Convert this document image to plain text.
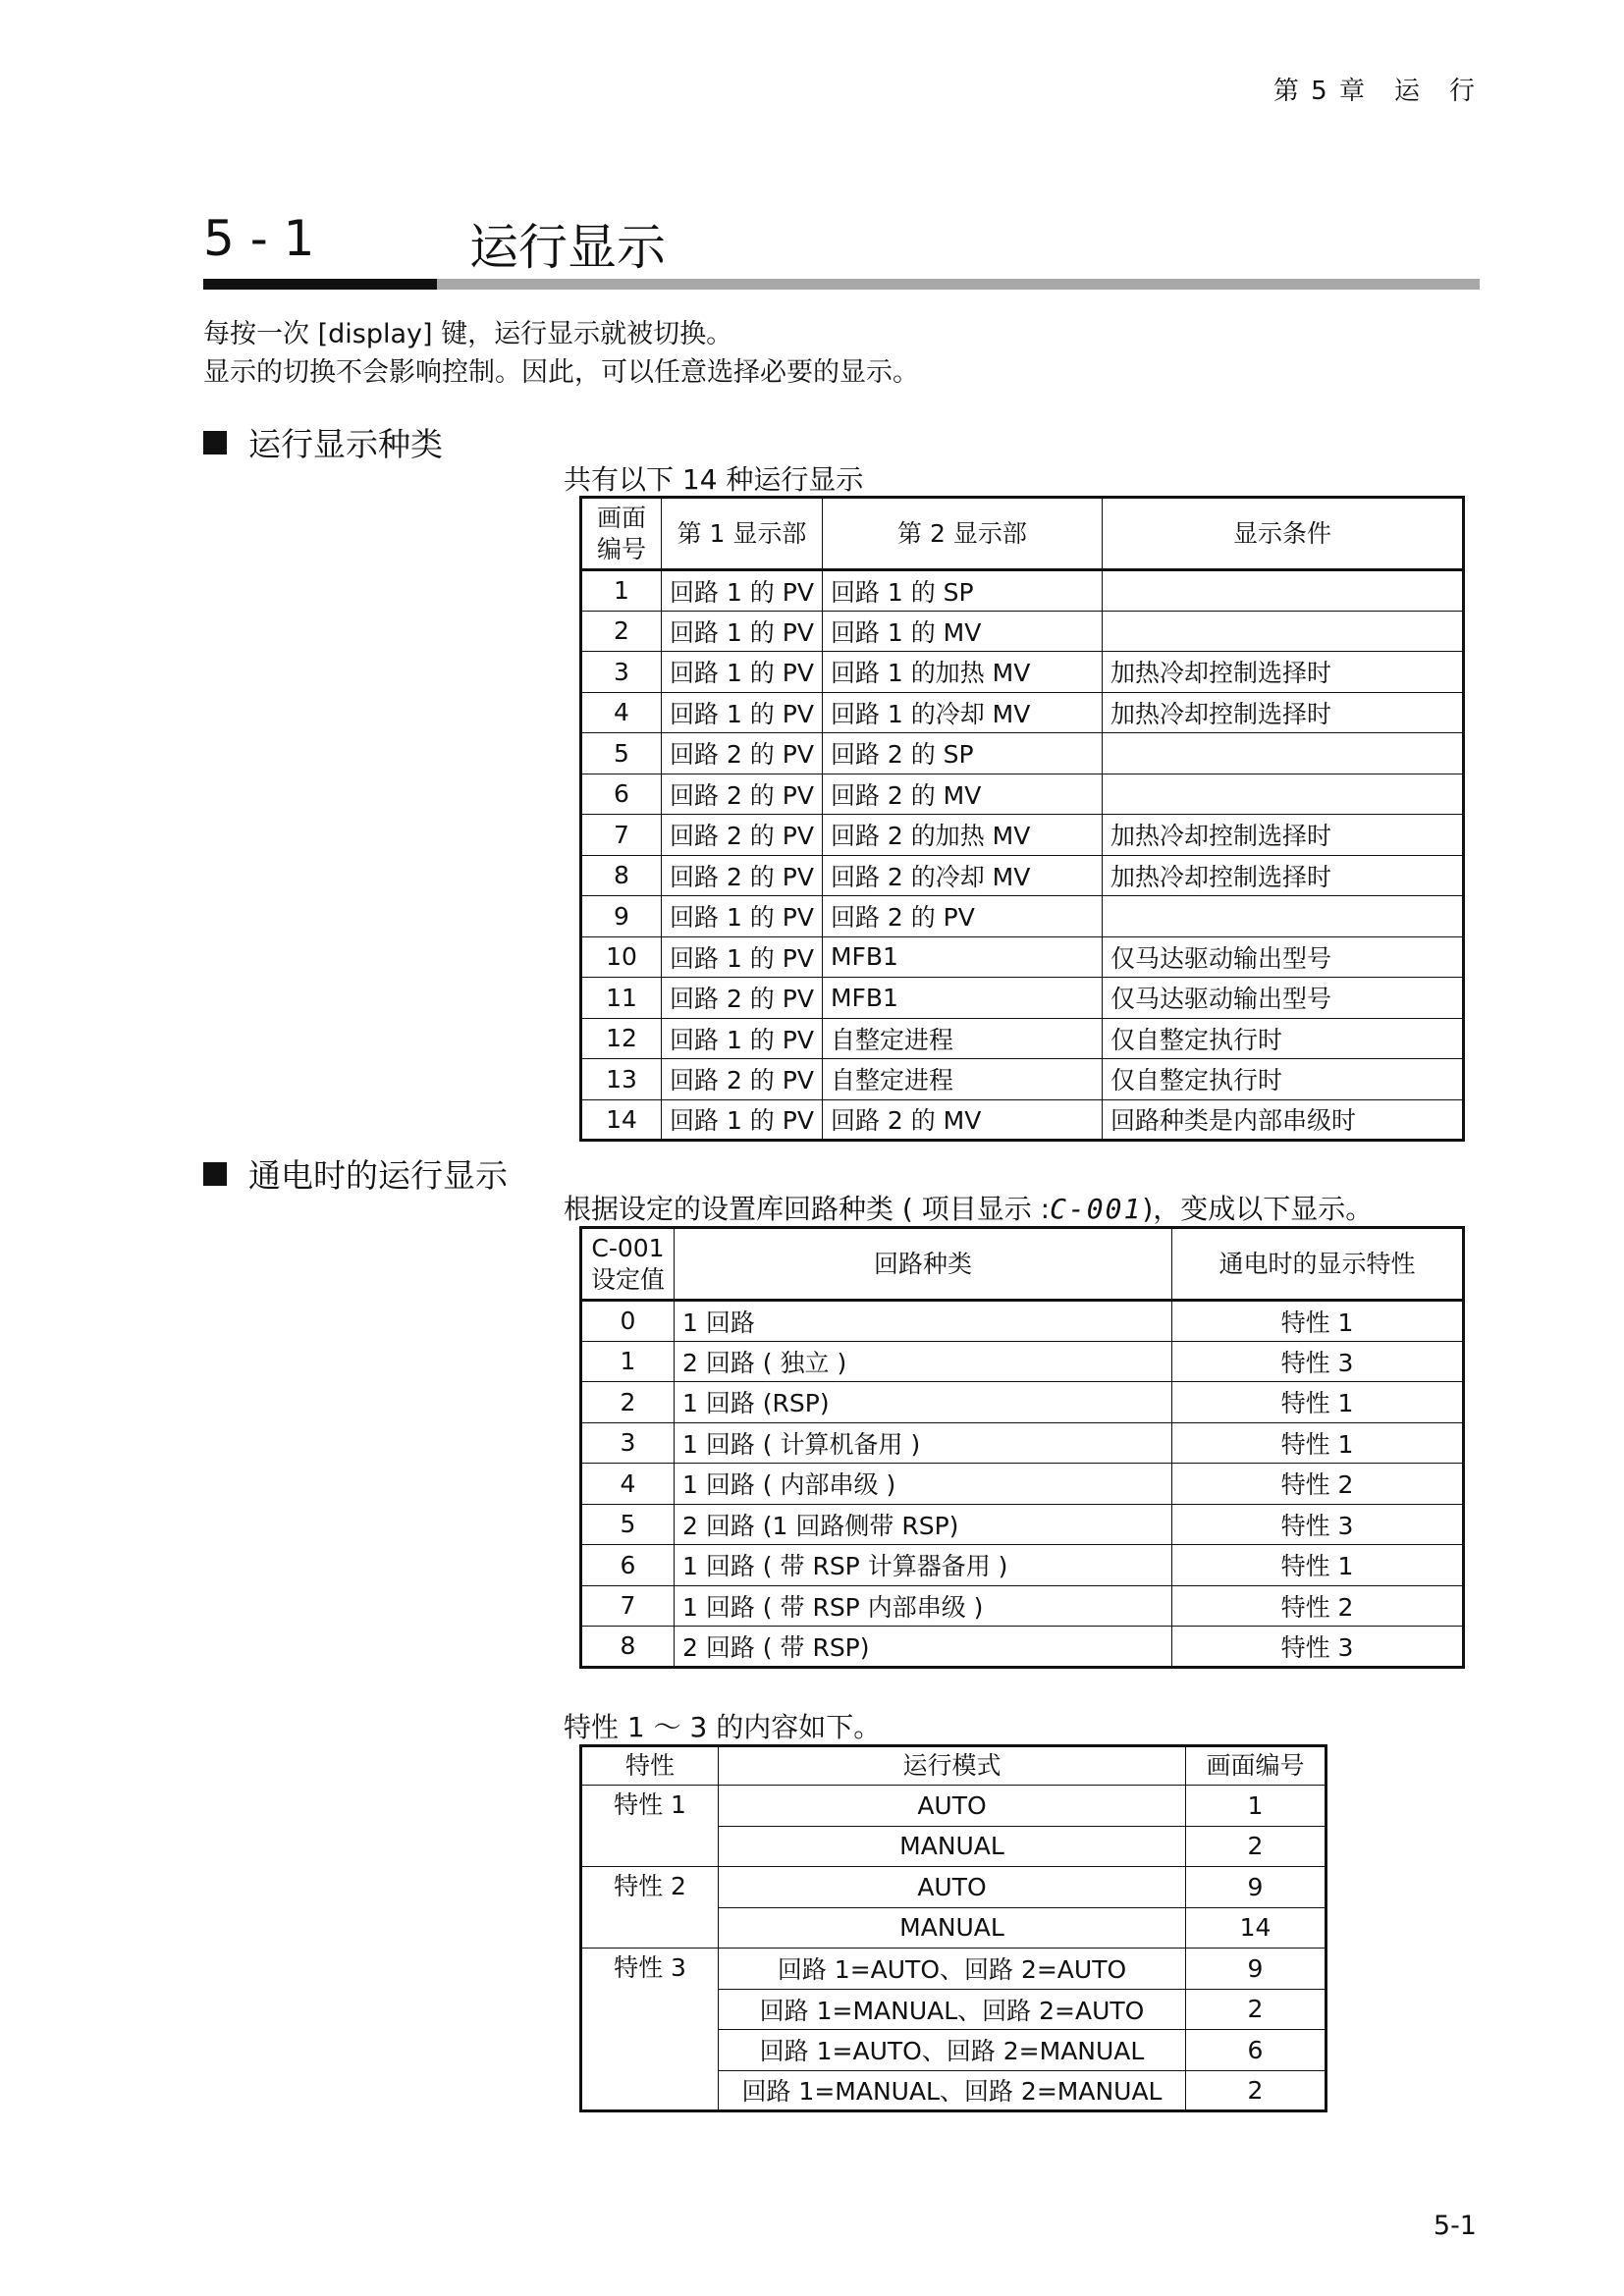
第 5 章　运　行
5 - 1	运行显示
每按一次 [display] 键，运行显示就被切换。
显示的切换不会影响控制。因此，可以任意选择必要的显示。
运行显示种类
共有以下 14 种运行显示
画面
编号	第 1 显示部	第 2 显示部	显示条件
1	回路 1 的 PV	回路 1 的 SP	
2	回路 1 的 PV	回路 1 的 MV	
3	回路 1 的 PV	回路 1 的加热 MV	加热冷却控制选择时
4	回路 1 的 PV	回路 1 的冷却 MV	加热冷却控制选择时
5	回路 2 的 PV	回路 2 的 SP	
6	回路 2 的 PV	回路 2 的 MV	
7	回路 2 的 PV	回路 2 的加热 MV	加热冷却控制选择时
8	回路 2 的 PV	回路 2 的冷却 MV	加热冷却控制选择时
9	回路 1 的 PV	回路 2 的 PV	
10	回路 1 的 PV	MFB1	仅马达驱动输出型号
11	回路 2 的 PV	MFB1	仅马达驱动输出型号
12	回路 1 的 PV	自整定进程	仅自整定执行时
13	回路 2 的 PV	自整定进程	仅自整定执行时
14	回路 1 的 PV	回路 2 的 MV	回路种类是内部串级时
通电时的运行显示
根据设定的设置库回路种类 ( 项目显示 :C-001)，变成以下显示。
C-001
设定值	回路种类	通电时的显示特性
0	1 回路	特性 1
1	2 回路 ( 独立 )	特性 3
2	1 回路 (RSP)	特性 1
3	1 回路 ( 计算机备用 )	特性 1
4	1 回路 ( 内部串级 )	特性 2
5	2 回路 (1 回路侧带 RSP)	特性 3
6	1 回路 ( 带 RSP 计算器备用 )	特性 1
7	1 回路 ( 带 RSP 内部串级 )	特性 2
8	2 回路 ( 带 RSP)	特性 3
特性 1 ～ 3 的内容如下。
特性	运行模式	画面编号
特性 1	AUTO	1
	MANUAL	2
特性 2	AUTO	9
	MANUAL	14
特性 3	回路 1=AUTO、回路 2=AUTO	9
	回路 1=MANUAL、回路 2=AUTO	2
	回路 1=AUTO、回路 2=MANUAL	6
	回路 1=MANUAL、回路 2=MANUAL	2
5-1
